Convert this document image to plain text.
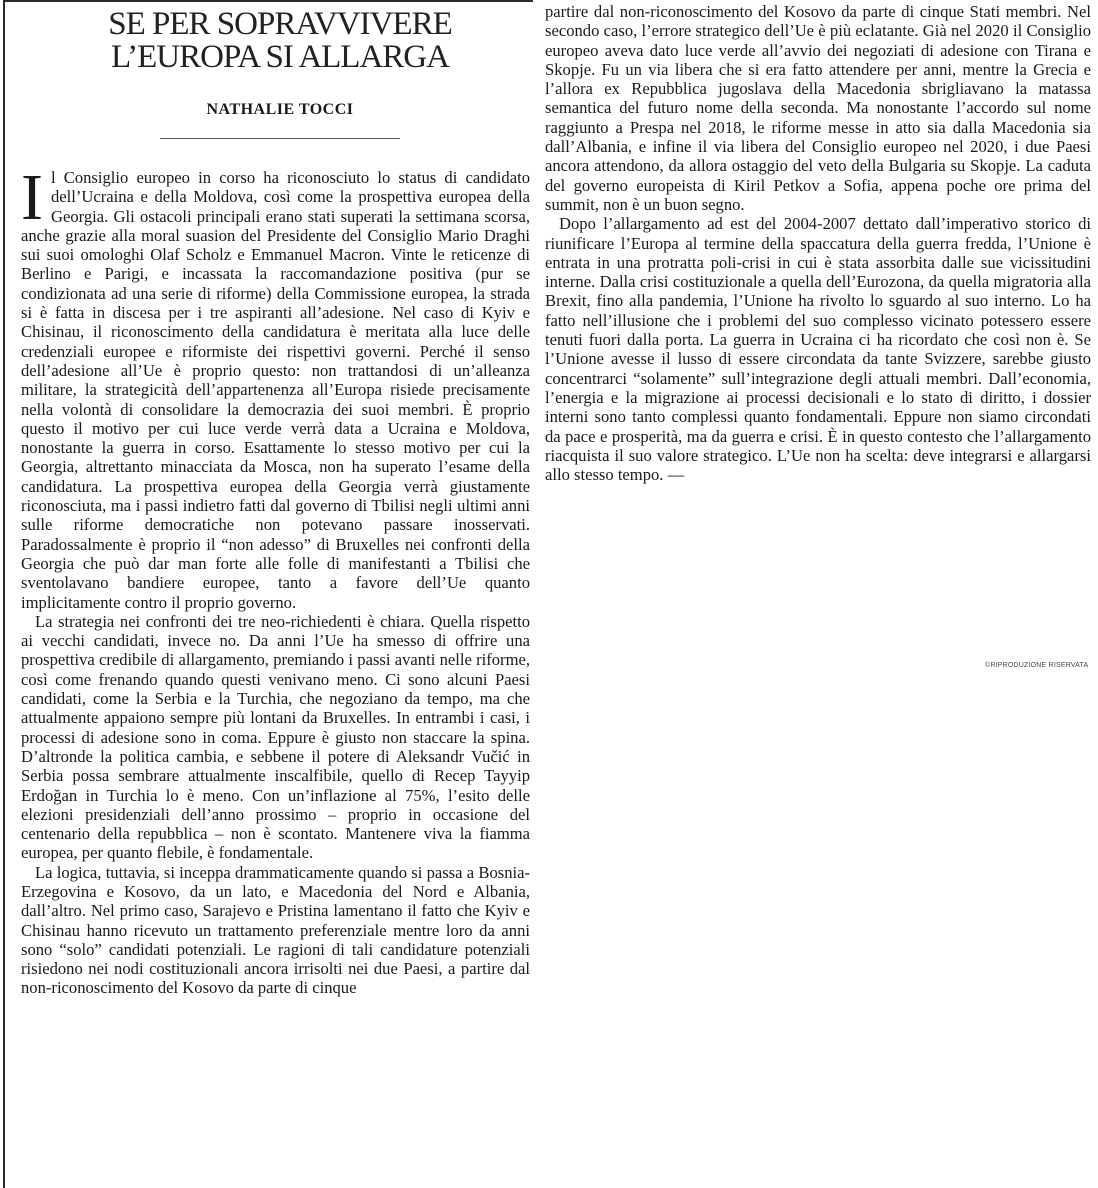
SE PER SOPRAVVIVERE
L’EUROPA SI ALLARGA
NATHALIE TOCCI

Il Consiglio europeo in corso ha riconosciuto lo status di candidato dell’Ucraina e della Moldova, così come la prospettiva europea della Georgia. Gli ostacoli principali erano stati superati la settimana scorsa, anche grazie alla moral suasion del Presidente del Consiglio Mario Draghi sui suoi omologhi Olaf Scholz e Emmanuel Macron. Vinte le reticenze di Berlino e Parigi, e incassata la raccomandazione positiva (pur se condizionata ad una serie di riforme) della Commissione europea, la strada si è fatta in discesa per i tre aspiranti all’adesione. Nel caso di Kyiv e Chisinau, il riconoscimento della candidatura è meritata alla luce delle credenziali europee e riformiste dei rispettivi governi. Perché il senso dell’adesione all’Ue è proprio questo: non trattandosi di un’alleanza militare, la strategicità dell’appartenenza all’Europa risiede precisamente nella volontà di consolidare la democrazia dei suoi membri. È proprio questo il motivo per cui luce verde verrà data a Ucraina e Moldova, nonostante la guerra in corso. Esattamente lo stesso motivo per cui la Georgia, altrettanto minacciata da Mosca, non ha superato l’esame della candidatura. La prospettiva europea della Georgia verrà giustamente riconosciuta, ma i passi indietro fatti dal governo di Tbilisi negli ultimi anni sulle riforme democratiche non potevano passare inosservati. Paradossalmente è proprio il “non adesso” di Bruxelles nei confronti della Georgia che può dar man forte alle folle di manifestanti a Tbilisi che sventolavano bandiere europee, tanto a favore dell’Ue quanto implicitamente contro il proprio governo.

La strategia nei confronti dei tre neo-richiedenti è chiara. Quella rispetto ai vecchi candidati, invece no. Da anni l’Ue ha smesso di offrire una prospettiva credibile di allargamento, premiando i passi avanti nelle riforme, così come frenando quando questi venivano meno. Ci sono alcuni Paesi candidati, come la Serbia e la Turchia, che negoziano da tempo, ma che attualmente appaiono sempre più lontani da Bruxelles. In entrambi i casi, i processi di adesione sono in coma. Eppure è giusto non staccare la spina. D’altronde la politica cambia, e sebbene il potere di Aleksandr Vučić in Serbia possa sembrare attualmente inscalfibile, quello di Recep Tayyip Erdoğan in Turchia lo è meno. Con un’inflazione al 75%, l’esito delle elezioni presidenziali dell’anno prossimo – proprio in occasione del centenario della repubblica – non è scontato. Mantenere viva la fiamma europea, per quanto flebile, è fondamentale.

La logica, tuttavia, si inceppa drammaticamente quando si passa a Bosnia-Erzegovina e Kosovo, da un lato, e Macedonia del Nord e Albania, dall’altro. Nel primo caso, Sarajevo e Pristina lamentano il fatto che Kyiv e Chisinau hanno ricevuto un trattamento preferenziale mentre loro da anni sono “solo” candidati potenziali. Le ragioni di tali candidature potenziali risiedono nei nodi costituzionali ancora irrisolti nei due Paesi, a partire dal non-riconoscimento del Kosovo da parte di cinque

partire dal non-riconoscimento del Kosovo da parte di cinque Stati membri. Nel secondo caso, l’errore strategico dell’Ue è più eclatante. Già nel 2020 il Consiglio europeo aveva dato luce verde all’avvio dei negoziati di adesione con Tirana e Skopje. Fu un via libera che si era fatto attendere per anni, mentre la Grecia e l’allora ex Repubblica jugoslava della Macedonia sbrigliavano la matassa semantica del futuro nome della seconda. Ma nonostante l’accordo sul nome raggiunto a Prespa nel 2018, le riforme messe in atto sia dalla Macedonia sia dall’Albania, e infine il via libera del Consiglio europeo nel 2020, i due Paesi ancora attendono, da allora ostaggio del veto della Bulgaria su Skopje. La caduta del governo europeista di Kiril Petkov a Sofia, appena poche ore prima del summit, non è un buon segno.

Dopo l’allargamento ad est del 2004-2007 dettato dall’imperativo storico di riunificare l’Europa al termine della spaccatura della guerra fredda, l’Unione è entrata in una protratta poli-crisi in cui è stata assorbita dalle sue vicissitudini interne. Dalla crisi costituzionale a quella dell’Eurozona, da quella migratoria alla Brexit, fino alla pandemia, l’Unione ha rivolto lo sguardo al suo interno. Lo ha fatto nell’illusione che i problemi del suo complesso vicinato potessero essere tenuti fuori dalla porta. La guerra in Ucraina ci ha ricordato che così non è. Se l’Unione avesse il lusso di essere circondata da tante Svizzere, sarebbe giusto concentrarci “solamente” sull’integrazione degli attuali membri. Dall’economia, l’energia e la migrazione ai processi decisionali e lo stato di diritto, i dossier interni sono tanto complessi quanto fondamentali. Eppure non siamo circondati da pace e prosperità, ma da guerra e crisi. È in questo contesto che l’allargamento riacquista il suo valore strategico. L’Ue non ha scelta: deve integrarsi e allargarsi allo stesso tempo. —

©RIPRODUZIONE RISERVATA
